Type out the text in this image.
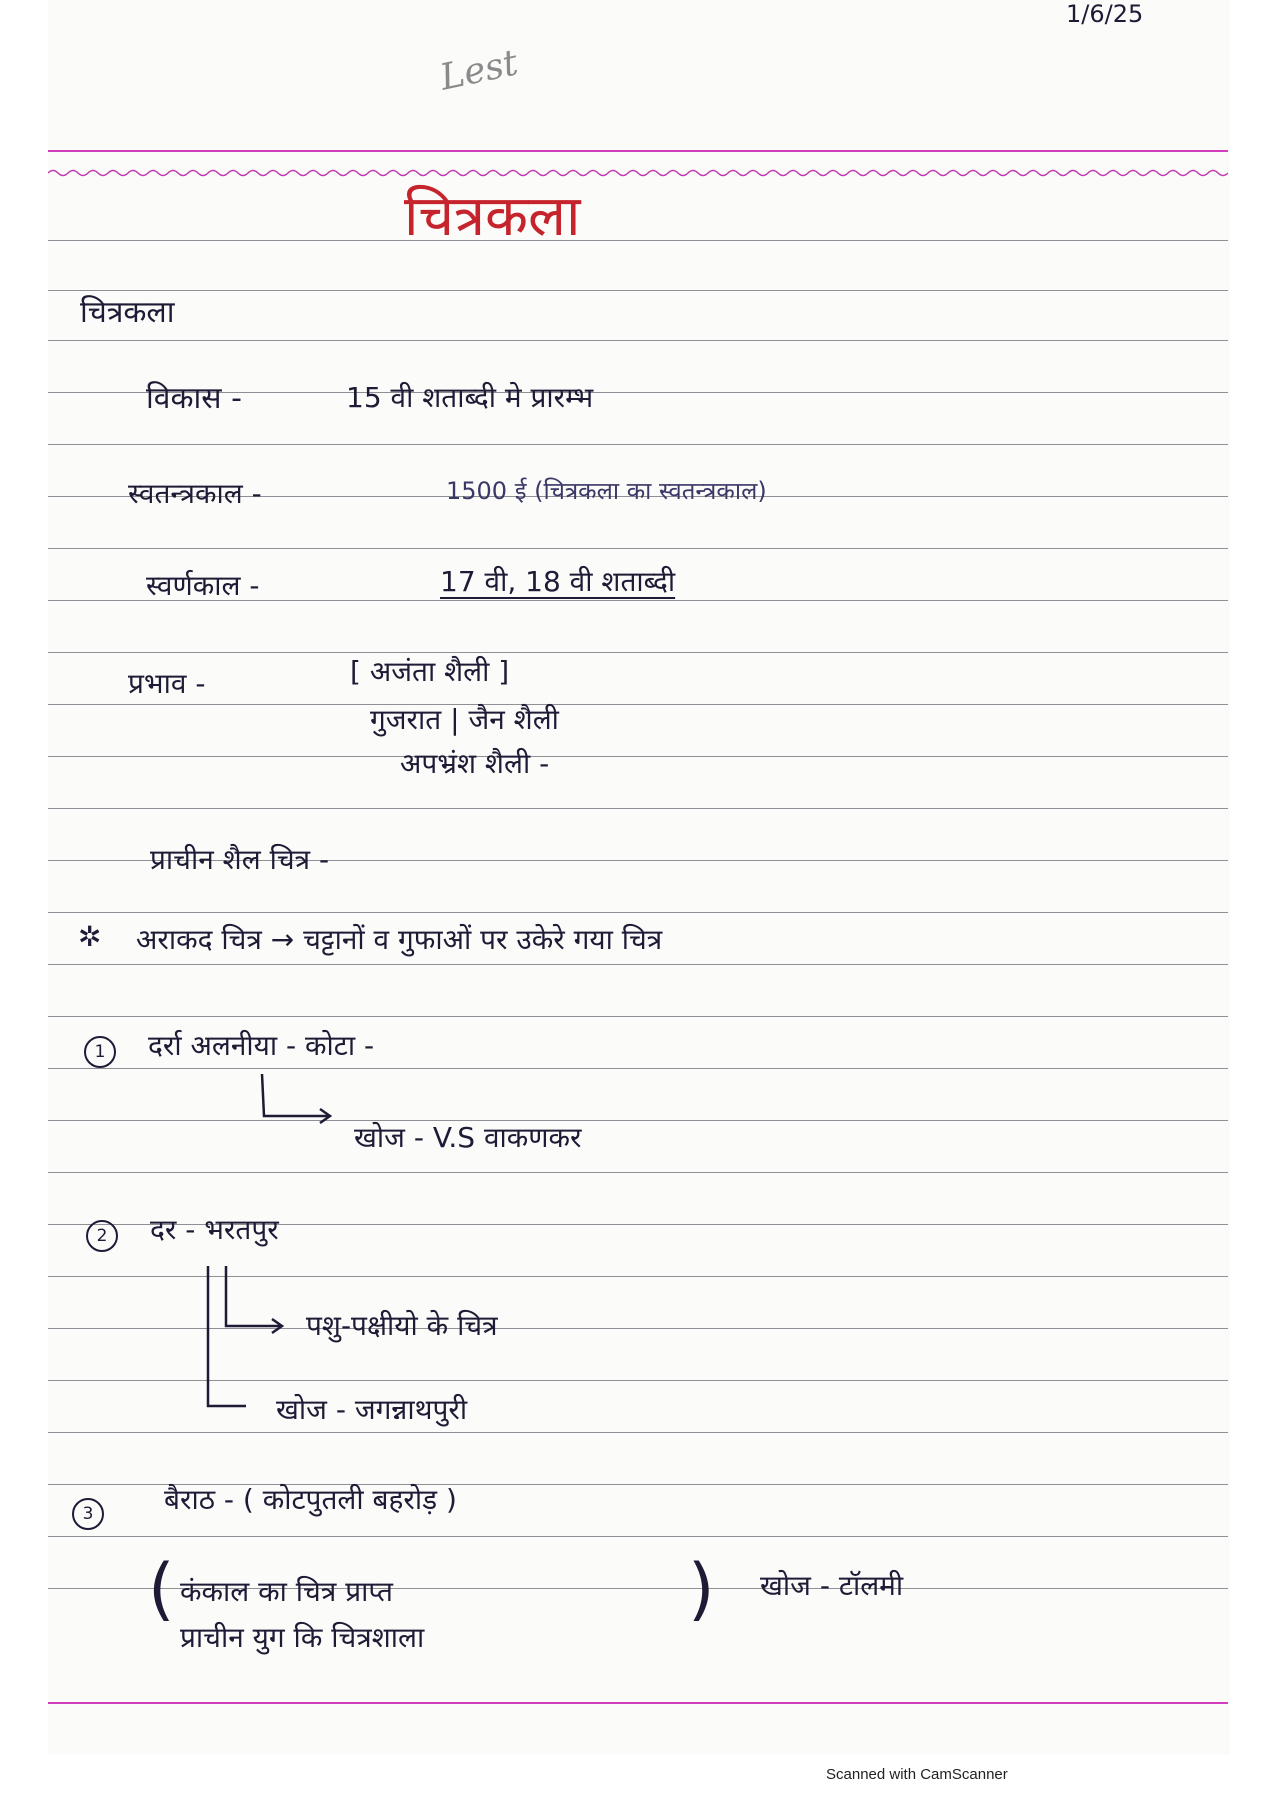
1/6/25
Lest
चित्रकला
चित्रकला
विकास -	15 वी शताब्दी मे प्रारम्भ
स्वतन्त्रकाल -	1500 ई (चित्रकला का स्वतन्त्रकाल)
स्वर्णकाल -	17 वी, 18 वी शताब्दी
प्रभाव -	[ अजंता शैली ]
गुजरात | जैन शैली
अपभ्रंश शैली -
प्राचीन शैल चित्र -
✲ अराकद चित्र → चट्टानों व गुफाओं पर उकेरे गया चित्र
1	दर्रा अलनीया - कोटा -
खोज - V.S वाकणकर
2	दर - भरतपुर
पशु-पक्षीयो के चित्र
खोज - जगन्नाथपुरी
3	बैराठ - ( कोटपुतली बहरोड़ )
( कंकाल का चित्र प्राप्त
प्राचीन युग कि चित्रशाला
) खोज - टॉलमी
Scanned with CamScanner
